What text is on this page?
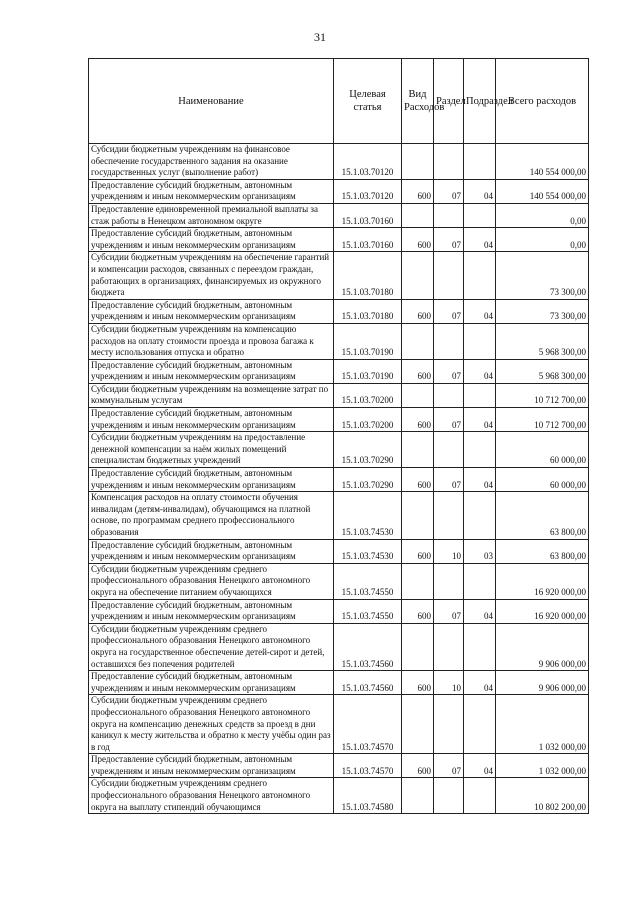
31
Наименование	Целевая статья	Вид Расходов	Раздел	Подраздел	Всего расходов
Субсидии бюджетным учреждениям на финансовое обеспечение государственного задания на оказание государственных услуг (выполнение работ)	15.1.03.70120				140 554 000,00
Предоставление субсидий бюджетным, автономным учреждениям и иным некоммерческим организациям	15.1.03.70120	600	07	04	140 554 000,00
Предоставление единовременной премиальной выплаты за стаж работы в Ненецком автономном округе	15.1.03.70160				0,00
Предоставление субсидий бюджетным, автономным учреждениям и иным некоммерческим организациям	15.1.03.70160	600	07	04	0,00
Субсидии бюджетным учреждениям на обеспечение гарантий и компенсации расходов, связанных с переездом граждан, работающих в организациях, финансируемых из окружного бюджета	15.1.03.70180				73 300,00
Предоставление субсидий бюджетным, автономным учреждениям и иным некоммерческим организациям	15.1.03.70180	600	07	04	73 300,00
Субсидии бюджетным учреждениям на компенсацию расходов на оплату стоимости проезда и провоза багажа к месту использования отпуска и обратно	15.1.03.70190				5 968 300,00
Предоставление субсидий бюджетным, автономным учреждениям и иным некоммерческим организациям	15.1.03.70190	600	07	04	5 968 300,00
Субсидии бюджетным учреждениям на возмещение затрат по коммунальным услугам	15.1.03.70200				10 712 700,00
Предоставление субсидий бюджетным, автономным учреждениям и иным некоммерческим организациям	15.1.03.70200	600	07	04	10 712 700,00
Субсидии бюджетным учреждениям на предоставление денежной компенсации за наём жилых помещений специалистам бюджетных учреждений	15.1.03.70290				60 000,00
Предоставление субсидий бюджетным, автономным учреждениям и иным некоммерческим организациям	15.1.03.70290	600	07	04	60 000,00
Компенсация расходов на оплату стоимости обучения инвалидам (детям-инвалидам), обучающимся на платной основе, по программам среднего профессионального образования	15.1.03.74530				63 800,00
Предоставление субсидий бюджетным, автономным учреждениям и иным некоммерческим организациям	15.1.03.74530	600	10	03	63 800,00
Субсидии бюджетным учреждениям среднего профессионального образования Ненецкого автономного округа на обеспечение питанием обучающихся	15.1.03.74550				16 920 000,00
Предоставление субсидий бюджетным, автономным учреждениям и иным некоммерческим организациям	15.1.03.74550	600	07	04	16 920 000,00
Субсидии бюджетным учреждениям среднего профессионального образования Ненецкого автономного округа на государственное обеспечение детей-сирот и детей, оставшихся без попечения родителей	15.1.03.74560				9 906 000,00
Предоставление субсидий бюджетным, автономным учреждениям и иным некоммерческим организациям	15.1.03.74560	600	10	04	9 906 000,00
Субсидии бюджетным учреждениям среднего профессионального образования Ненецкого автономного округа на компенсацию денежных средств за проезд в дни каникул к месту жительства и обратно к месту учёбы один раз в год	15.1.03.74570				1 032 000,00
Предоставление субсидий бюджетным, автономным учреждениям и иным некоммерческим организациям	15.1.03.74570	600	07	04	1 032 000,00
Субсидии бюджетным учреждениям среднего профессионального образования Ненецкого автономного округа на выплату стипендий обучающимся	15.1.03.74580				10 802 200,00
